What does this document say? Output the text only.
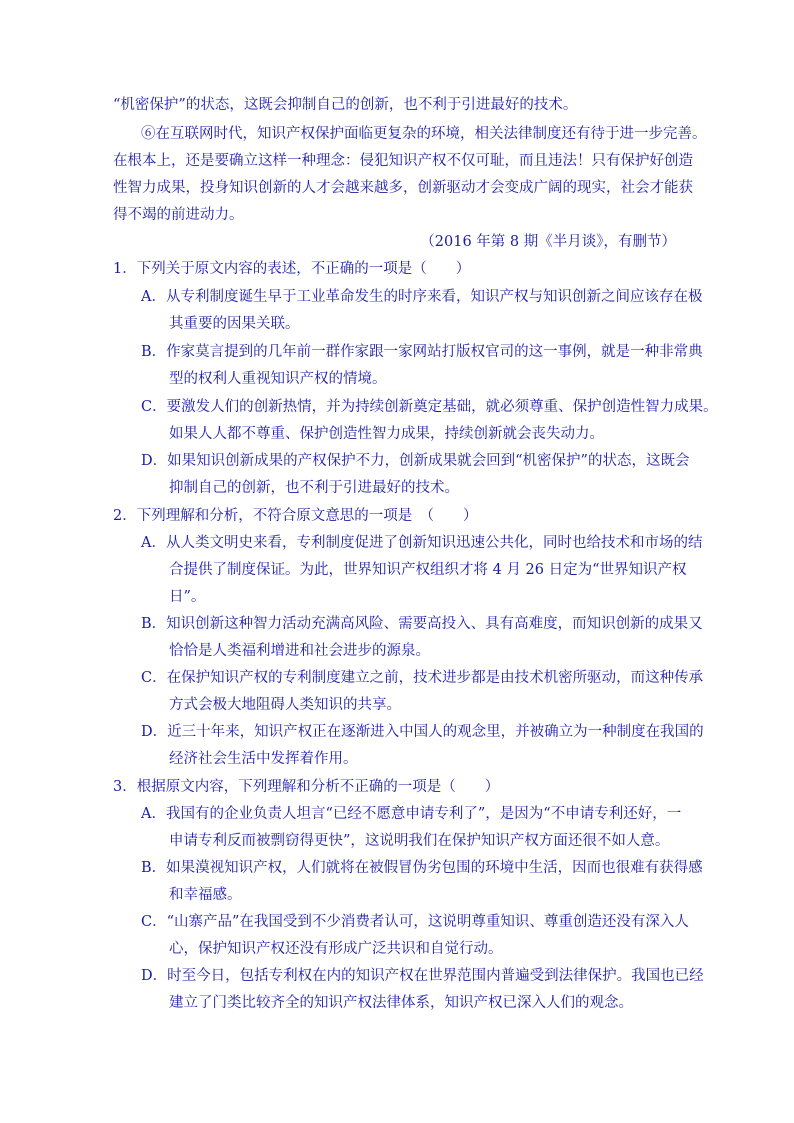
“机密保护”的状态，这既会抑制自己的创新，也不利于引进最好的技术。
⑥在互联网时代，知识产权保护面临更复杂的环境，相关法律制度还有待于进一步完善。
在根本上，还是要确立这样一种理念：侵犯知识产权不仅可耻，而且违法！只有保护好创造
性智力成果，投身知识创新的人才会越来越多，创新驱动才会变成广阔的现实，社会才能获
得不竭的前进动力。
（2016 年第 8 期《半月谈》，有删节）
1．下列关于原文内容的表述，不正确的一项是（　　）
A．从专利制度诞生早于工业革命发生的时序来看，知识产权与知识创新之间应该存在极
其重要的因果关联。
B．作家莫言提到的几年前一群作家跟一家网站打版权官司的这一事例，就是一种非常典
型的权利人重视知识产权的情境。
C．要激发人们的创新热情，并为持续创新奠定基础，就必须尊重、保护创造性智力成果。
如果人人都不尊重、保护创造性智力成果，持续创新就会丧失动力。
D．如果知识创新成果的产权保护不力，创新成果就会回到“机密保护”的状态，这既会
抑制自己的创新，也不利于引进最好的技术。
2．下列理解和分析，不符合原文意思的一项是　（　　）
A．从人类文明史来看，专利制度促进了创新知识迅速公共化，同时也给技术和市场的结
合提供了制度保证。为此，世界知识产权组织才将 4 月 26 日定为“世界知识产权
日”。
B．知识创新这种智力活动充满高风险、需要高投入、具有高难度，而知识创新的成果又
恰恰是人类福利增进和社会进步的源泉。
C．在保护知识产权的专利制度建立之前，技术进步都是由技术机密所驱动，而这种传承
方式会极大地阻碍人类知识的共享。
D．近三十年来，知识产权正在逐渐进入中国人的观念里，并被确立为一种制度在我国的
经济社会生活中发挥着作用。
3．根据原文内容，下列理解和分析不正确的一项是（　　）
A．我国有的企业负责人坦言“已经不愿意申请专利了”，是因为“不申请专利还好，一
申请专利反而被剽窃得更快”，这说明我们在保护知识产权方面还很不如人意。
B．如果漠视知识产权，人们就将在被假冒伪劣包围的环境中生活，因而也很难有获得感
和幸福感。
C．“山寨产品”在我国受到不少消费者认可，这说明尊重知识、尊重创造还没有深入人
心，保护知识产权还没有形成广泛共识和自觉行动。
D．时至今日，包括专利权在内的知识产权在世界范围内普遍受到法律保护。我国也已经
建立了门类比较齐全的知识产权法律体系，知识产权已深入人们的观念。
